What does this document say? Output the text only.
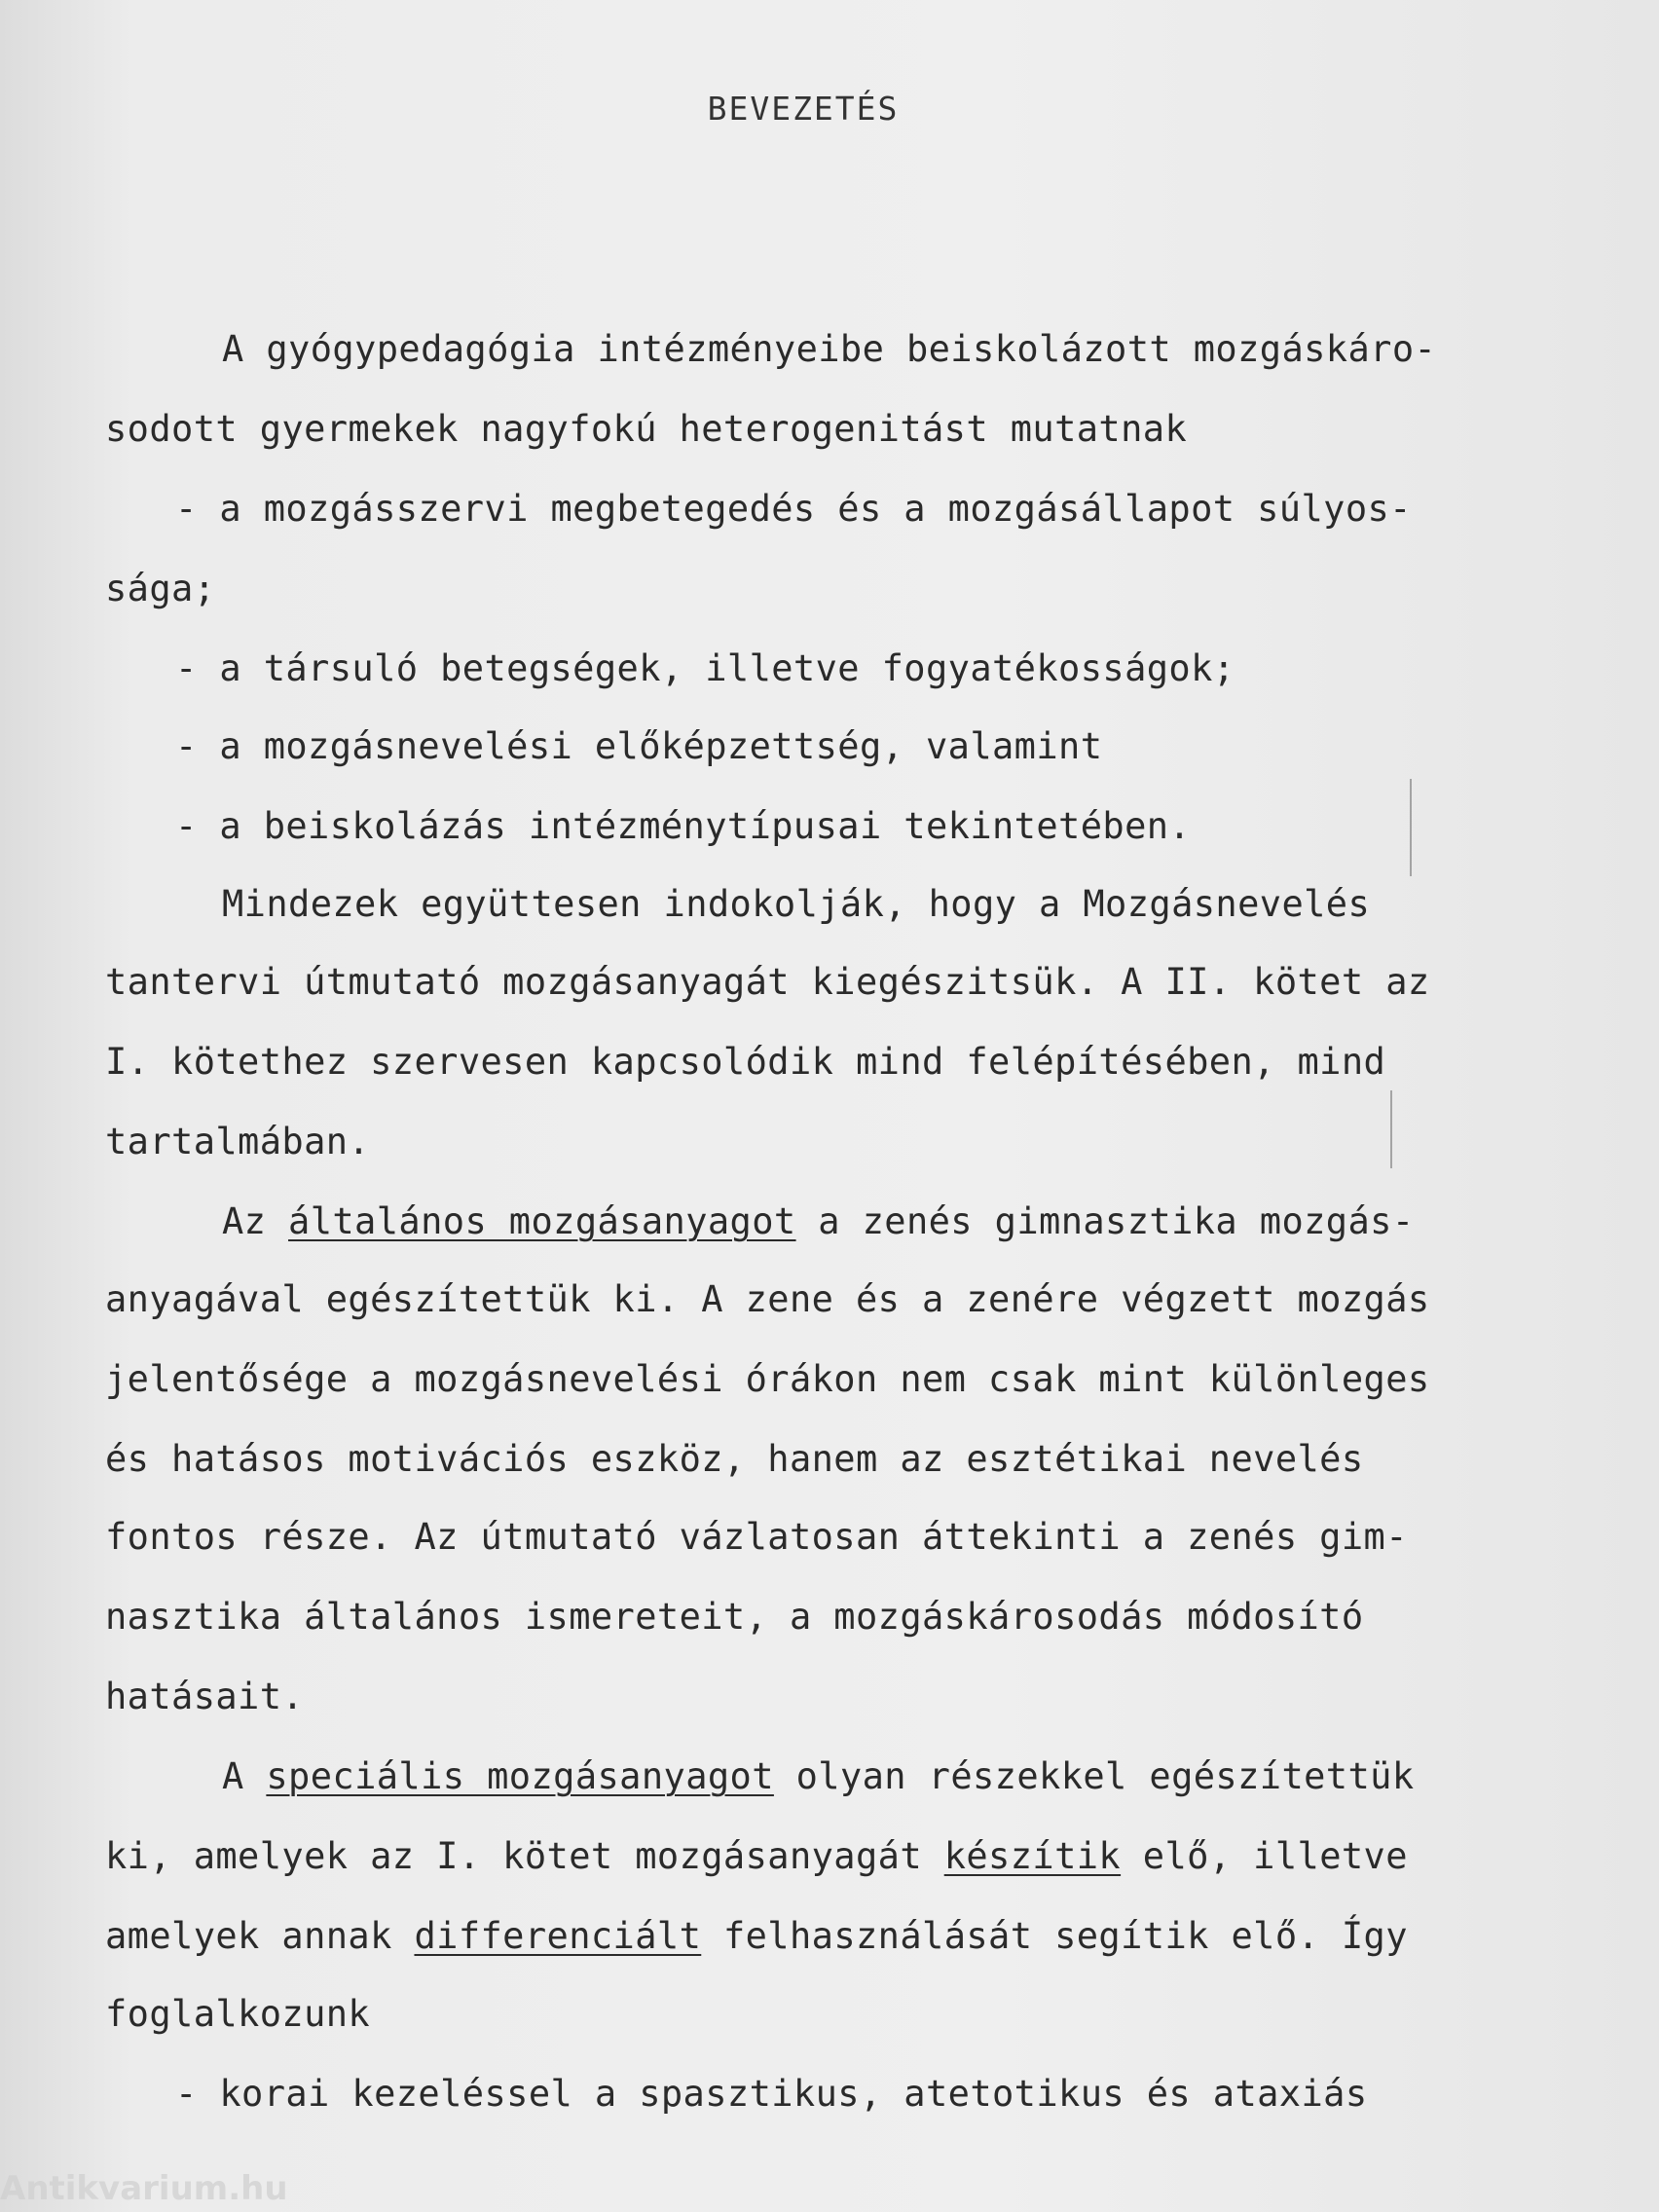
BEVEZETÉS
A gyógypedagógia intézményeibe beiskolázott mozgáskáro-
sodott gyermekek nagyfokú heterogenitást mutatnak
- a mozgásszervi megbetegedés és a mozgásállapot súlyos-
sága;
- a társuló betegségek, illetve fogyatékosságok;
- a mozgásnevelési előképzettség, valamint
- a beiskolázás intézménytípusai tekintetében.
Mindezek együttesen indokolják, hogy a Mozgásnevelés
tantervi útmutató mozgásanyagát kiegészitsük. A II. kötet az
I. kötethez szervesen kapcsolódik mind felépítésében, mind
tartalmában.
Az általános mozgásanyagot a zenés gimnasztika mozgás-
anyagával egészítettük ki. A zene és a zenére végzett mozgás
jelentősége a mozgásnevelési órákon nem csak mint különleges
és hatásos motivációs eszköz, hanem az esztétikai nevelés
fontos része. Az útmutató vázlatosan áttekinti a zenés gim-
nasztika általános ismereteit, a mozgáskárosodás módosító
hatásait.
A speciális mozgásanyagot olyan részekkel egészítettük
ki, amelyek az I. kötet mozgásanyagát készítik elő, illetve
amelyek annak differenciált felhasználását segítik elő. Így
foglalkozunk
- korai kezeléssel a spasztikus, atetotikus és ataxiás
Antikvarium.hu
